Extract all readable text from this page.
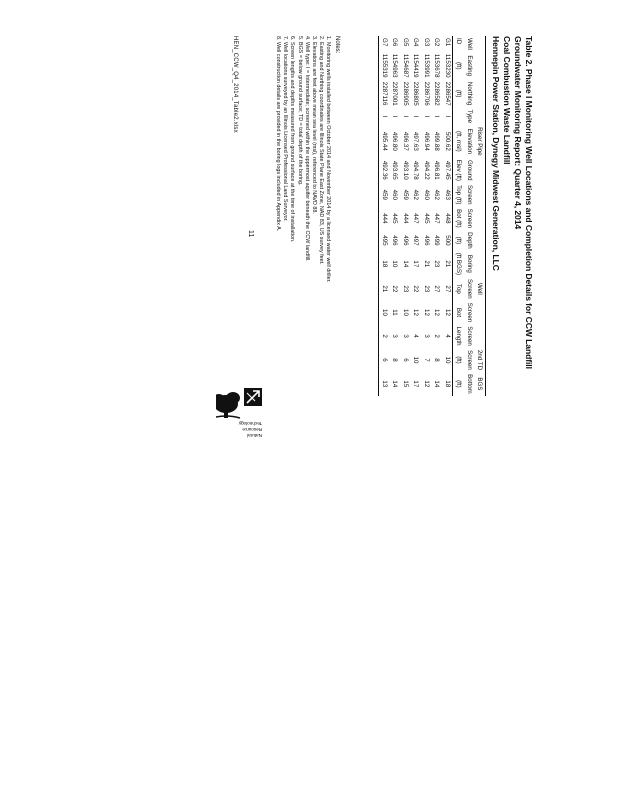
Table 2. Phase I Monitoring Well Locations and Completion Details for CCW Landfill
Groundwater Monitoring Report: Quarter 4, 2014
Coal Combustion Waste Landfill
Hennepin Power Station, Dynegy Midwest Generation, LLC
				Riser Pipe						Well			2nd TD	BGS
Well	Easting	Northing	Type	Elevation	Ground	Screen	Screen	Depth	Boring	Screen	Screen	Screen	Screen	Bottom
ID	(ft)	(ft)		(ft, msl)	Elev (ft)	Top (ft)	Bot (ft)	(ft)	(ft BGS)	Top	Bot	Length	(ft)	(ft)
G1	1153230	2286547	I	500.62	497.45	463	448	500	21	27	12	4	10	18
G2	1153678	2286582	I	499.88	496.81	462	447	499	23	27	12	2	8	14
G3	1153991	2286706	I	496.94	494.22	460	445	496	21	23	12	3	7	12
G4	1154419	2286805	I	497.63	494.78	462	447	497	17	22	12	4	10	17
G5	1154687	2286905	I	496.37	493.10	459	444	496	14	23	10	3	6	15
G6	1154963	2287001	I	496.80	493.65	460	445	496	10	22	11	3	8	14
G7	1155319	2287116	I	495.44	492.36	459	444	495	18	21	10	2	6	13
Notes:
1. Monitoring wells installed between October 2014 and November 2014 by a licensed water well driller.
2. Easting and Northing coordinates are Illinois State Plane East Zone, NAD 83, US survey feet.
3. Elevations are feet above mean sea level (msl), referenced to NAVD 88.
4. Well type: I = Intermediate; screened within the uppermost aquifer beneath the CCW landfill.
5. BGS = below ground surface; TD = total depth of the boring.
6. Screen lengths and depths measured from ground surface at the time of installation.
7. Well locations surveyed by an Illinois Licensed Professional Land Surveyor.
8. Well construction details are provided in the boring logs included in Appendix A.
11
HEN_CCW_Q4_2014_Table2.xlsx
Natural
Resource
Technology
